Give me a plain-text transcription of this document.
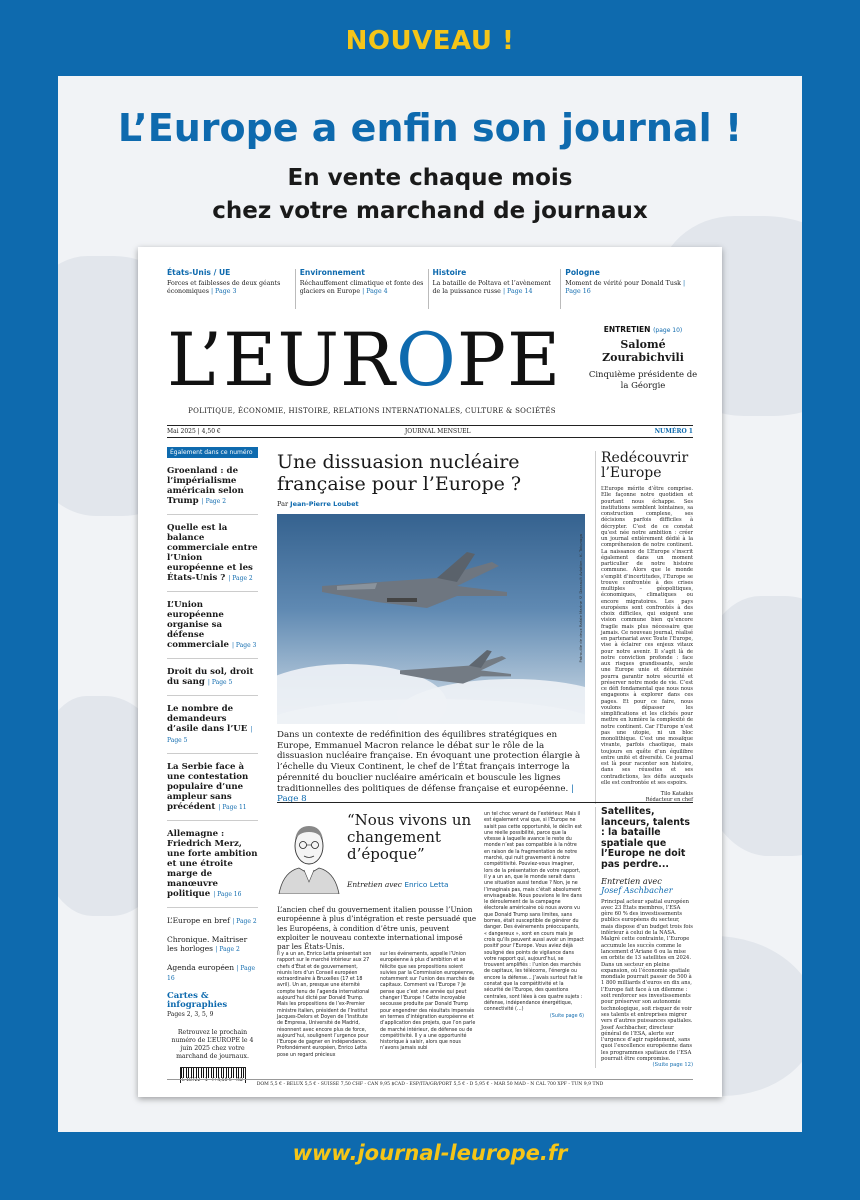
NOUVEAU !
L’Europe a enfin son journal !
En vente chaque mois
chez votre marchand de journaux
États-Unis / UE
Forces et faiblesses de deux géants économiques | Page 3
Environnement
Réchauffement climatique et fonte des glaciers en Europe | Page 4
Histoire
La bataille de Poltava et l’avènement de la puissance russe | Page 14
Pologne
Moment de vérité pour Donald Tusk | Page 16
L’EUROPE	ENTRETIEN (page 10)
Salomé Zourabichvili
Cinquième présidente de la Géorgie
POLITIQUE, ÉCONOMIE, HISTOIRE, RELATIONS INTERNATIONALES, CULTURE & SOCIÉTÉS
Mai 2025 | 4,50 €	JOURNAL MENSUEL	NUMÉRO 1
Également dans ce numéro
Groenland : de l’impérialisme américain selon Trump | Page 2
Quelle est la balance commerciale entre l’Union européenne et les États-Unis ? | Page 2
L’Union européenne organise sa défense commerciale | Page 3
Droit du sol, droit du sang | Page 5
Le nombre de demandeurs d’asile dans l’UE | Page 5
La Serbie face à une contestation populaire d’une ampleur sans précédent | Page 11
Allemagne : Friedrich Merz, une forte ambition et une étroite marge de manœuvre politique | Page 16
L’Europe en bref | Page 2
Chronique. Maîtriser les horloges | Page 2
Agenda européen | Page 16
Cartes & infographies
Pages 2, 3, 5, 9
Retrouvez le prochain numéro de L’EUROPE le 4 juin 2025 chez votre marchand de journaux.
L 18722 - 1 - F: 4,50 € - RD
Une dissuasion nucléaire française pour l’Europe ?
Par Jean-Pierre Loubet
Patrouille de deux Rafale Marine © Dassault Aviation - K. Tokunaga
Dans un contexte de redéfinition des équilibres stratégiques en Europe, Emmanuel Macron relance le débat sur le rôle de la dissuasion nucléaire française. En évoquant une protection élargie à l’échelle du Vieux Continent, le chef de l’État français interroge la pérennité du bouclier nucléaire américain et bouscule les lignes traditionnelles des politiques de défense française et européenne. | Page 8
Redécouvrir l’Europe
L’Europe mérite d’être comprise. Elle façonne notre quotidien et pourtant nous échappe. Ses institutions semblent lointaines, sa construction complexe, ses décisions parfois difficiles à décrypter. C’est de ce constat qu’est née notre ambition : créer un journal entièrement dédié à la compréhension de notre continent. La naissance de L’Europe s’inscrit également dans un moment particulier de notre histoire commune. Alors que le monde s’emplit d’incertitudes, l’Europe se trouve confrontée à des crises multiples – géopolitiques, économiques, climatiques ou encore migratoires. Les pays européens sont confrontés à des choix difficiles, qui exigent une vision commune bien qu’encore fragile mais plus nécessaire que jamais. Ce nouveau journal, réalisé en partenariat avec Toute l’Europe, vise à éclairer ces enjeux vitaux pour notre avenir. Il s’agit là de notre conviction profonde : face aux risques grandissants, seule une Europe unie et déterminée pourra garantir notre sécurité et préserver notre mode de vie. C’est ce défi fondamental que nous nous engageons à explorer dans ces pages. Et pour ce faire, nous voulons dépasser les simplifications et les clichés pour mettre en lumière la complexité de notre continent. Car l’Europe n’est pas une utopie, ni un bloc monolithique. C’est une mosaïque vivante, parfois chaotique, mais toujours en quête d’un équilibre entre unité et diversité. Ce journal est là pour raconter son histoire, dans ses réussites et ses contradictions, les défis auxquels elle est confrontée et ses espoirs.
Tilo Kataikis
Rédacteur en chef
“Nous vivons un changement d’époque”
Entretien avec Enrico Letta
L’ancien chef du gouvernement italien pousse l’Union européenne à plus d’intégration et reste persuadé que les Européens, à condition d’être unis, peuvent exploiter le nouveau contexte international imposé par les États-Unis.
Il y a un an, Enrico Letta présentait son rapport sur le marché intérieur aux 27 chefs d’État et de gouvernement, réunis lors d’un Conseil européen extraordinaire à Bruxelles (17 et 18 avril). Un an, presque une éternité compte tenu de l’agenda international aujourd’hui dicté par Donald Trump. Mais les propositions de l’ex-Premier ministre italien, président de l’Institut Jacques-Delors et Doyen de l’Institute de Empresa, Université de Madrid, résonnent avec encore plus de force, aujourd’hui, soulignent l’urgence pour l’Europe de gagner en indépendance. Profondément européen, Enrico Letta pose un regard précieux
sur les événements, appelle l’Union européenne à plus d’ambition et se félicite que ses propositions soient suivies par la Commission européenne, notamment sur l’union des marchés de capitaux. Comment va l’Europe ? Je pense que c’est une année qui peut changer l’Europe ! Cette incroyable secousse produite par Donald Trump pour engendrer des résultats impensés en termes d’intégration européenne et d’application des projets, que l’on parle de marché intérieur, de défense ou de compétitivité. Il y a une opportunité historique à saisir, alors que nous n’avons jamais subi
un tel choc venant de l’extérieur. Mais il est également vrai que, si l’Europe ne saisit pas cette opportunité, le déclin est une réelle possibilité, parce que la vitesse à laquelle avance le reste du monde n’est pas compatible à la nôtre en raison de la fragmentation de notre marché, qui nuit gravement à notre compétitivité. Pouviez-vous imaginer, lors de la présentation de votre rapport, il y a un an, que le monde serait dans une situation aussi tendue ? Non, je ne l’imaginais pas, mais c’était absolument envisageable. Nous pouvions le lire dans le déroulement de la campagne électorale américaine où nous avons vu que Donald Trump sans limites, sans bornes, était susceptible de générer du danger. Des événements préoccupants, « dangereux », sont en cours mais je crois qu’ils peuvent aussi avoir un impact positif pour l’Europe. Vous aviez déjà souligné des points de vigilance dans votre rapport qui, aujourd’hui, se trouvent amplifiés : l’union des marchés de capitaux, les télécoms, l’énergie ou encore la défense… J’avais surtout fait le constat que la compétitivité et la sécurité de l’Europe, des questions centrales, sont liées à ces quatre sujets : défense, indépendance énergétique, connectivité (…)
(Suite page 6)
Satellites, lanceurs, talents : la bataille spatiale que l’Europe ne doit pas perdre...
Entretien avec
Josef Aschbacher
Principal acteur spatial européen avec 23 États membres, l’ESA gère 60 % des investissements publics européens du secteur, mais dispose d’un budget trois fois inférieur à celui de la NASA. Malgré cette contrainte, l’Europe accumule les succès comme le lancement d’Ariane 6 ou la mise en orbite de 13 satellites en 2024. Dans un secteur en pleine expansion, où l’économie spatiale mondiale pourrait passer de 500 à 1 800 milliards d’euros en dix ans, l’Europe fait face à un dilemme : soit renforcer ses investissements pour préserver son autonomie technologique, soit risquer de voir ses talents et entreprises migrer vers d’autres puissances spatiales. Josef Aschbacher, directeur général de l’ESA, alerte sur l’urgence d’agir rapidement, sans quoi l’excellence européenne dans les programmes spatiaux de l’ESA pourrait être compromise.
(Suite page 12)
DOM 5,5 € - BELUX 5,5 € - SUISSE 7,50 CHF - CAN 9,95 $CAD - ESP/ITA/GR/PORT 5,5 € - D 5,95 € - MAR 50 MAD - N CAL 700 XPF - TUN 9,9 TND
www.journal-leurope.fr
